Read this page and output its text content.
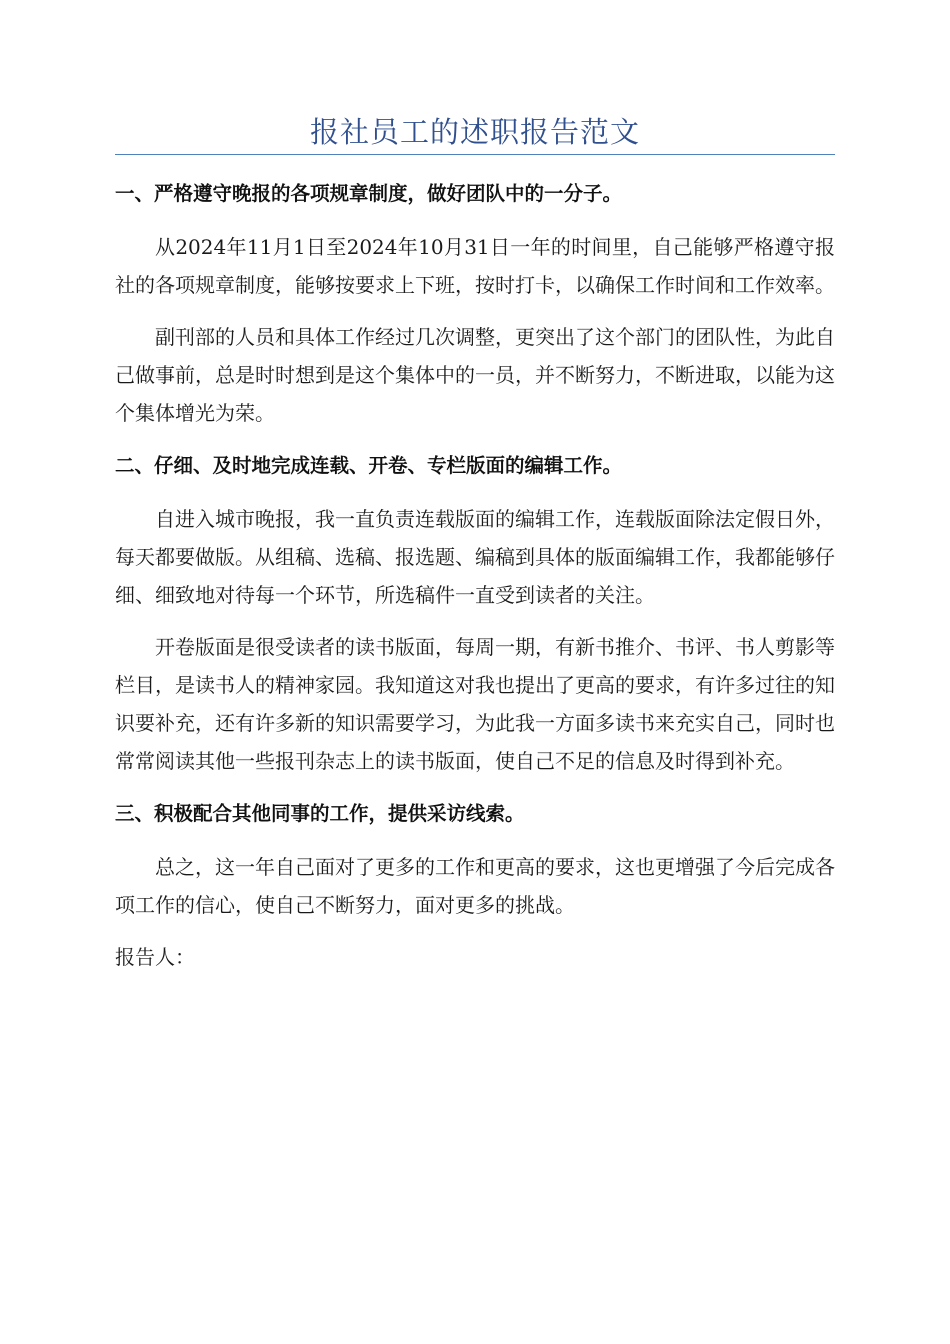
报社员工的述职报告范文

一、严格遵守晚报的各项规章制度，做好团队中的一分子。

从2024年11月1日至2024年10月31日一年的时间里，自己能够严格遵守报社的各项规章制度，能够按要求上下班，按时打卡，以确保工作时间和工作效率。

副刊部的人员和具体工作经过几次调整，更突出了这个部门的团队性，为此自己做事前，总是时时想到是这个集体中的一员，并不断努力，不断进取，以能为这个集体增光为荣。

二、仔细、及时地完成连载、开卷、专栏版面的编辑工作。

自进入城市晚报，我一直负责连载版面的编辑工作，连载版面除法定假日外，每天都要做版。从组稿、选稿、报选题、编稿到具体的版面编辑工作，我都能够仔细、细致地对待每一个环节，所选稿件一直受到读者的关注。

开卷版面是很受读者的读书版面，每周一期，有新书推介、书评、书人剪影等栏目，是读书人的精神家园。我知道这对我也提出了更高的要求，有许多过往的知识要补充，还有许多新的知识需要学习，为此我一方面多读书来充实自己，同时也常常阅读其他一些报刊杂志上的读书版面，使自己不足的信息及时得到补充。

三、积极配合其他同事的工作，提供采访线索。

总之，这一年自己面对了更多的工作和更高的要求，这也更增强了今后完成各项工作的信心，使自己不断努力，面对更多的挑战。

报告人：
